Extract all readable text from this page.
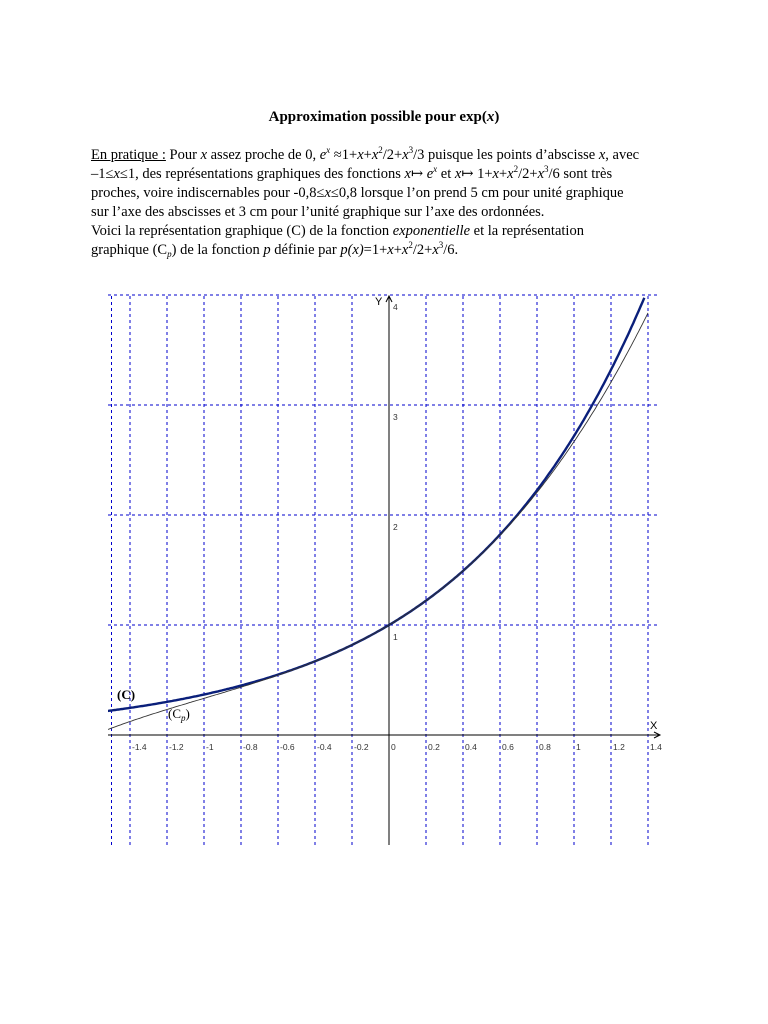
Approximation possible pour exp(x)

En pratique : Pour x assez proche de 0, $e^x \approx 1+x+x^2/2+x^3/3$ puisque les points d’abscisse x, avec

–1≤x≤1, des représentations graphiques des fonctions x↦ $e^x$ et x↦ $1+x+x^2/2+x^3/6$ sont très

proches, voire indiscernables pour -0,8≤x≤0,8 lorsque l’on prend 5 cm pour unité graphique

sur l’axe des abscisses et 3 cm pour l’unité graphique sur l’axe des ordonnées.

Voici la représentation graphique (C) de la fonction exponentielle et la représentation

graphique $(C_p)$ de la fonction p définie par $p(x)=1+x+x^2/2+x^3/6$.

X
Y
-1.4	-1.2	-1	-0.8	-0.6	-0.4	-0.2	0	0.2	0.4	0.6	0.8	1	1.2	1.4
1
2
3
4
(C)
$(C_p)$
